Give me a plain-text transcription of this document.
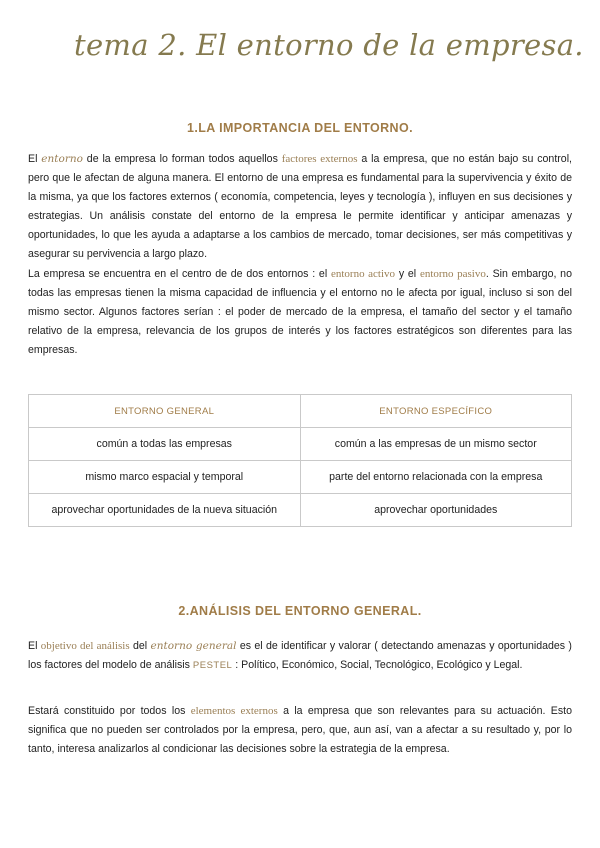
tema 2. El entorno de la empresa.
1.LA IMPORTANCIA DEL ENTORNO.
El entorno de la empresa lo forman todos aquellos factores externos a la empresa, que no están bajo su control, pero que le afectan de alguna manera. El entorno de una empresa es fundamental para la supervivencia y éxito de la misma, ya que los factores externos ( economía, competencia, leyes y tecnología ), influyen en sus decisiones y estrategias. Un análisis constate del entorno de la empresa le permite identificar y anticipar amenazas y oportunidades, lo que les ayuda a adaptarse a los cambios de mercado, tomar decisiones, ser más competitivas y asegurar su pervivencia a largo plazo.
La empresa se encuentra en el centro de de dos entornos : el entorno activo y el entorno pasivo. Sin embargo, no todas las empresas tienen la misma capacidad de influencia y el entorno no le afecta por igual, incluso si son del mismo sector. Algunos factores serían : el poder de mercado de la empresa, el tamaño del sector y el tamaño relativo de la empresa, relevancia de los grupos de interés y los factores estratégicos son diferentes para las empresas.
ENTORNO GENERAL	ENTORNO ESPECÍFICO
común a todas las empresas	común a las empresas de un mismo sector
mismo marco espacial y temporal	parte del entorno relacionada con la empresa
aprovechar oportunidades de la nueva situación	aprovechar oportunidades
2.ANÁLISIS DEL ENTORNO GENERAL.
El objetivo del análisis del entorno general es el de identificar y valorar ( detectando amenazas y oportunidades ) los factores del modelo de análisis PESTEL : Político, Económico, Social, Tecnológico, Ecológico y Legal.
Estará constituido por todos los elementos externos a la empresa que son relevantes para su actuación. Esto significa que no pueden ser controlados por la empresa, pero, que, aun así, van a afectar a su resultado y, por lo tanto, interesa analizarlos al condicionar las decisiones sobre la estrategia de la empresa.
